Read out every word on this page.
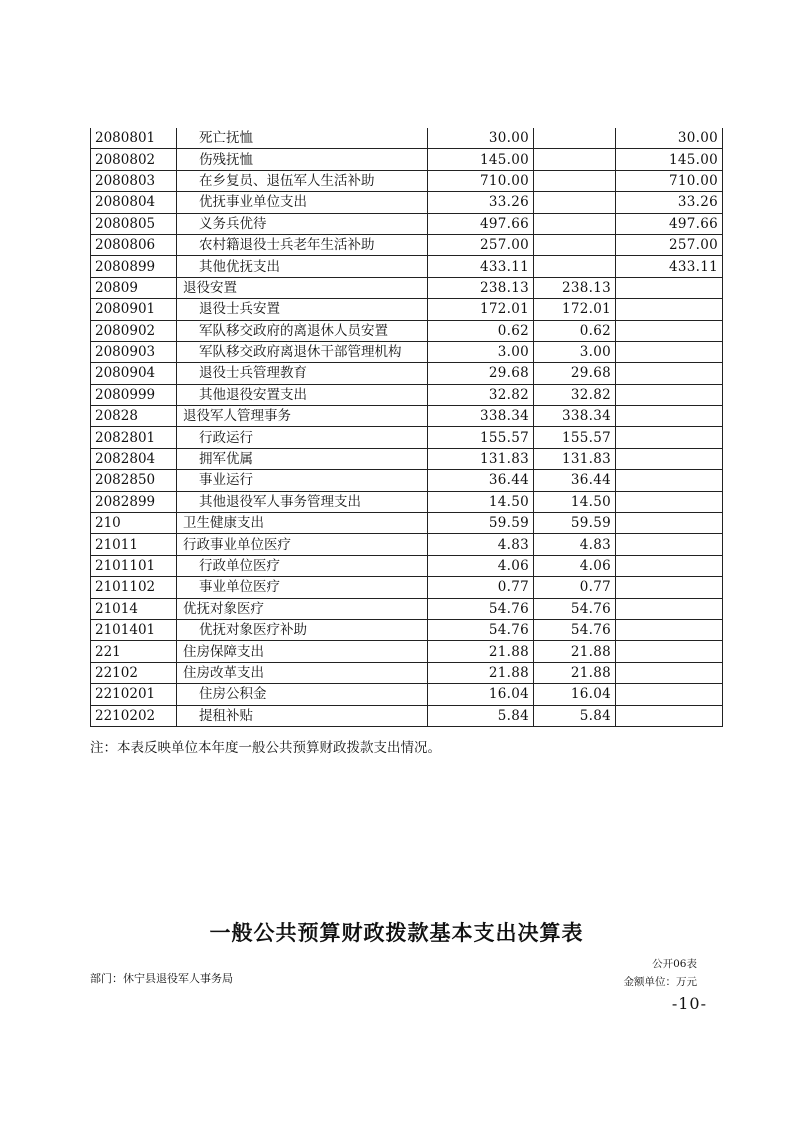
2080801	死亡抚恤	30.00		30.00
2080802	伤残抚恤	145.00		145.00
2080803	在乡复员、退伍军人生活补助	710.00		710.00
2080804	优抚事业单位支出	33.26		33.26
2080805	义务兵优待	497.66		497.66
2080806	农村籍退役士兵老年生活补助	257.00		257.00
2080899	其他优抚支出	433.11		433.11
20809	退役安置	238.13	238.13	
2080901	退役士兵安置	172.01	172.01	
2080902	军队移交政府的离退休人员安置	0.62	0.62	
2080903	军队移交政府离退休干部管理机构	3.00	3.00	
2080904	退役士兵管理教育	29.68	29.68	
2080999	其他退役安置支出	32.82	32.82	
20828	退役军人管理事务	338.34	338.34	
2082801	行政运行	155.57	155.57	
2082804	拥军优属	131.83	131.83	
2082850	事业运行	36.44	36.44	
2082899	其他退役军人事务管理支出	14.50	14.50	
210	卫生健康支出	59.59	59.59	
21011	行政事业单位医疗	4.83	4.83	
2101101	行政单位医疗	4.06	4.06	
2101102	事业单位医疗	0.77	0.77	
21014	优抚对象医疗	54.76	54.76	
2101401	优抚对象医疗补助	54.76	54.76	
221	住房保障支出	21.88	21.88	
22102	住房改革支出	21.88	21.88	
2210201	住房公积金	16.04	16.04	
2210202	提租补贴	5.84	5.84	
注：本表反映单位本年度一般公共预算财政拨款支出情况。
一般公共预算财政拨款基本支出决算表
公开06表
部门：休宁县退役军人事务局	金额单位：万元
-10-
